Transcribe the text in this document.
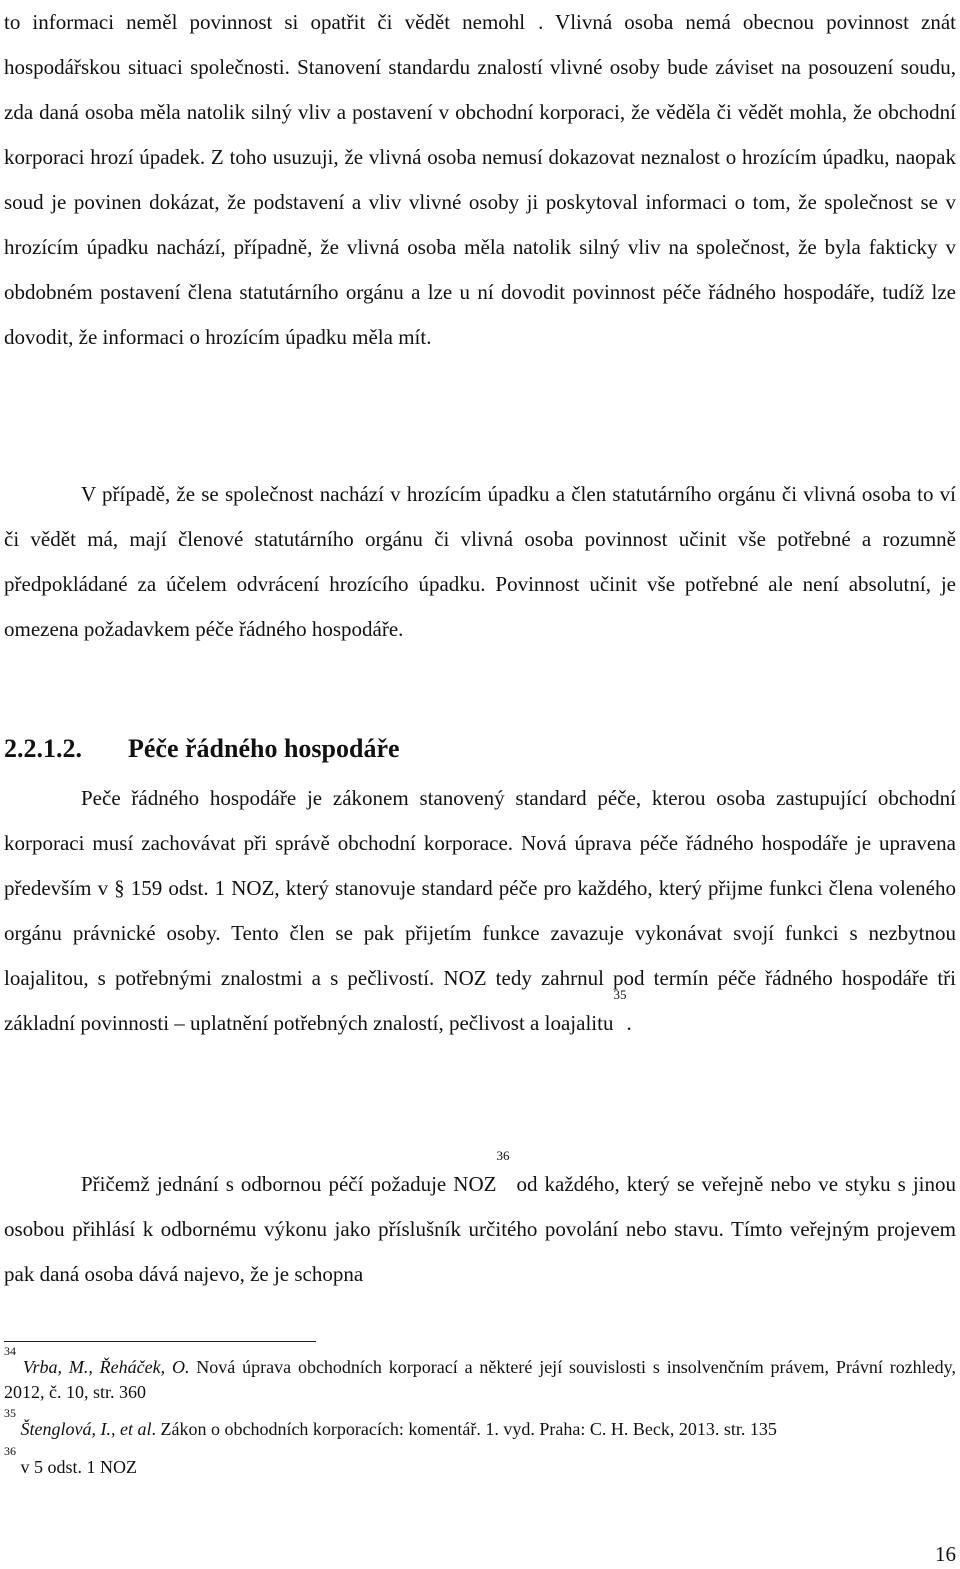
to informaci neměl povinnost si opatřit či vědět nemohl . Vlivná osoba nemá obecnou povinnost znát hospodářskou situaci společnosti. Stanovení standardu znalostí vlivné osoby bude záviset na posouzení soudu, zda daná osoba měla natolik silný vliv a postavení v obchodní korporaci, že věděla či vědět mohla, že obchodní korporaci hrozí úpadek. Z toho usuzuji, že vlivná osoba nemusí dokazovat neznalost o hrozícím úpadku, naopak soud je povinen dokázat, že podstavení a vliv vlivné osoby ji poskytoval informaci o tom, že společnost se v hrozícím úpadku nachází, případně, že vlivná osoba měla natolik silný vliv na společnost, že byla fakticky v obdobném postavení člena statutárního orgánu a lze u ní dovodit povinnost péče řádného hospodáře, tudíž lze dovodit, že informaci o hrozícím úpadku měla mít.

V případě, že se společnost nachází v hrozícím úpadku a člen statutárního orgánu či vlivná osoba to ví či vědět má, mají členové statutárního orgánu či vlivná osoba povinnost učinit vše potřebné a rozumně předpokládané za účelem odvrácení hrozícího úpadku. Povinnost učinit vše potřebné ale není absolutní, je omezena požadavkem péče řádného hospodáře.

2.2.1.2. Péče řádného hospodáře

Peče řádného hospodáře je zákonem stanovený standard péče, kterou osoba zastupující obchodní korporaci musí zachovávat při správě obchodní korporace. Nová úprava péče řádného hospodáře je upravena především v § 159 odst. 1 NOZ, který stanovuje standard péče pro každého, který přijme funkci člena voleného orgánu právnické osoby. Tento člen se pak přijetím funkce zavazuje vykonávat svojí funkci s nezbytnou loajalitou, s potřebnými znalostmi a s pečlivostí. NOZ tedy zahrnul pod termín péče řádného hospodáře tři základní povinnosti – uplatnění potřebných znalostí, pečlivost a loajalitu$^{35}$.

Přičemž jednání s odbornou péčí požaduje NOZ$^{36}$ od každého, který se veřejně nebo ve styku s jinou osobou přihlásí k odbornému výkonu jako příslušník určitého povolání nebo stavu. Tímto veřejným projevem pak daná osoba dává najevo, že je schopna

$^{34}$ Vrba, M., Řeháček, O. Nová úprava obchodních korporací a některé její souvislosti s insolvenčním právem, Právní rozhledy, 2012, č. 10, str. 360

$^{35}$ Štenglová, I., et al. Zákon o obchodních korporacích: komentář. 1. vyd. Praha: C. H. Beck, 2013. str. 135

$^{36}$ v 5 odst. 1 NOZ

16
